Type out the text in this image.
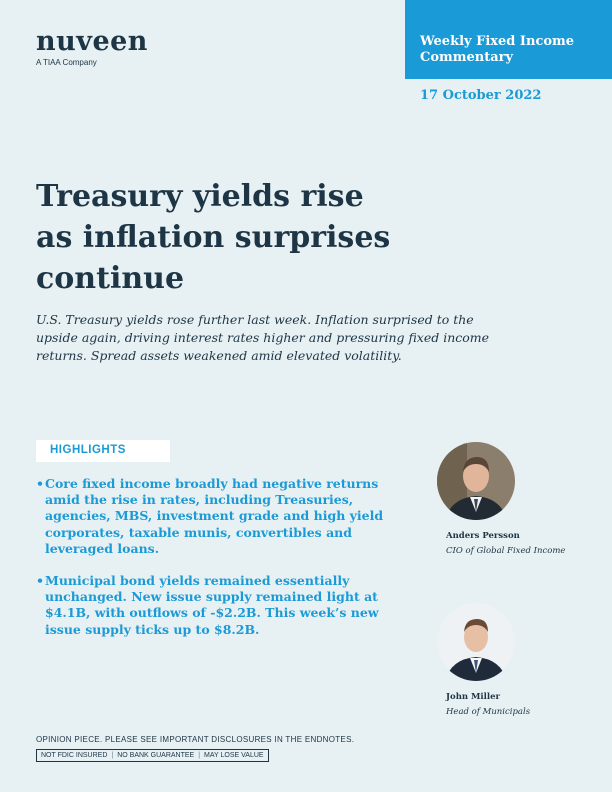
nuveen
A TIAA Company
Weekly Fixed Income
Commentary
17 October 2022
Treasury yields rise
as inflation surprises
continue

U.S. Treasury yields rose further last week. Inflation surprised to the upside again, driving interest rates higher and pressuring fixed income returns. Spread assets weakened amid elevated volatility.

HIGHLIGHTS
• Core fixed income broadly had negative returns amid the rise in rates, including Treasuries, agencies, MBS, investment grade and high yield corporates, taxable munis, convertibles and leveraged loans.
• Municipal bond yields remained essentially unchanged. New issue supply remained light at $4.1B, with outflows of -$2.2B. This week’s new issue supply ticks up to $8.2B.
Anders Persson
CIO of Global Fixed Income
John Miller
Head of Municipals
OPINION PIECE. PLEASE SEE IMPORTANT DISCLOSURES IN THE ENDNOTES.
NOT FDIC INSURED | NO BANK GUARANTEE | MAY LOSE VALUE
